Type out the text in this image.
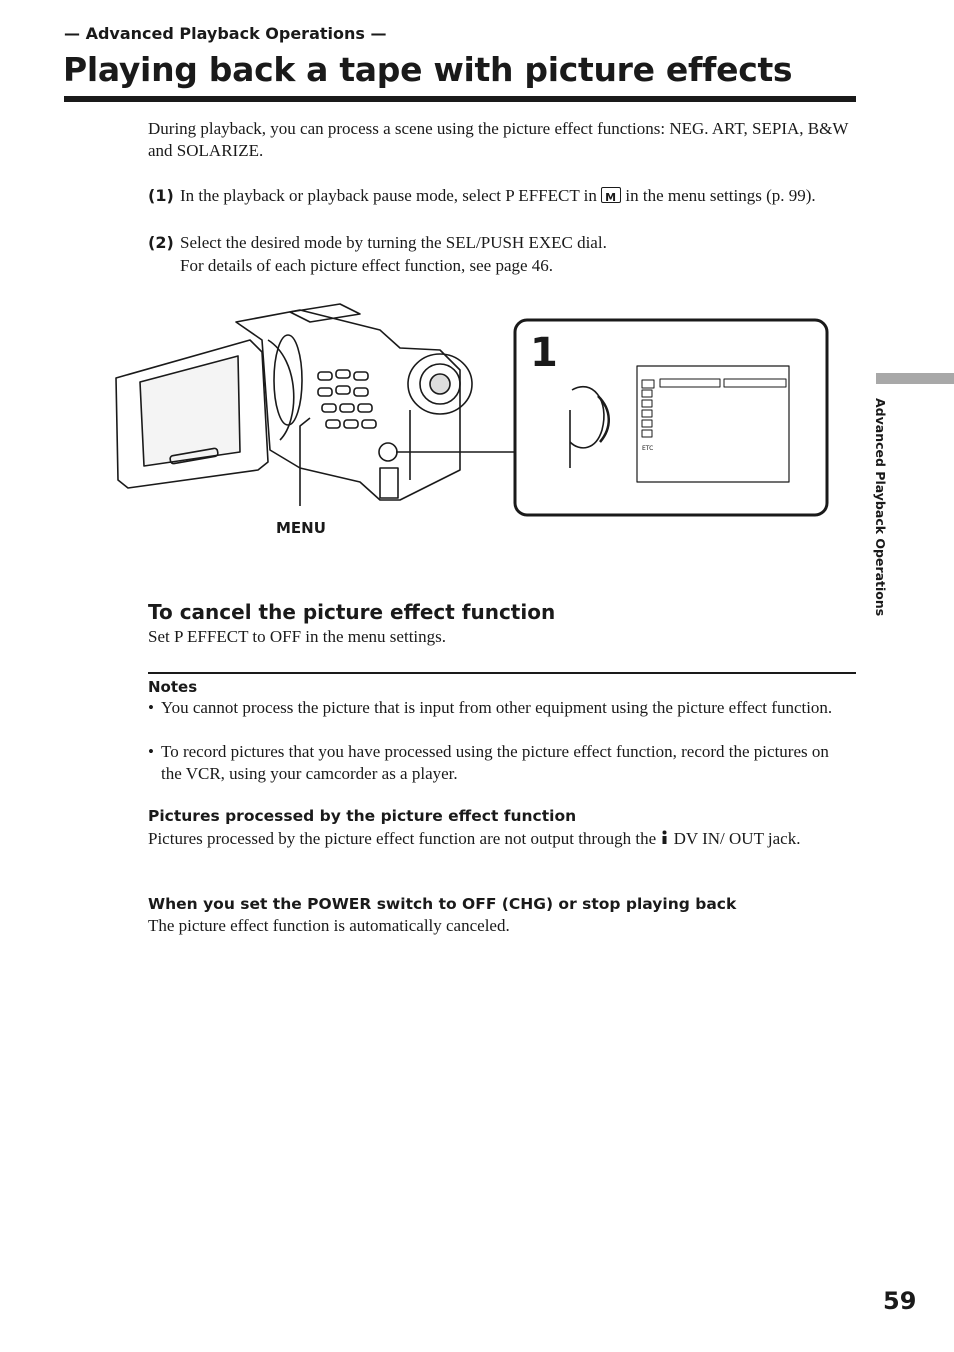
— Advanced Playback Operations —
Playing back a tape with picture effects
During playback, you can process a scene using the picture effect functions: NEG. ART, SEPIA, B&W and SOLARIZE.
(1) In the playback or playback pause mode, select P EFFECT in M in the menu settings (p. 99).
(2) Select the desired mode by turning the SEL/PUSH EXEC dial.
For details of each picture effect function, see page 46.
1
ETC
MENU
To cancel the picture effect function
Set P EFFECT to OFF in the menu settings.
Notes
• You cannot process the picture that is input from other equipment using the picture effect function.
• To record pictures that you have processed using the picture effect function, record the pictures on the VCR, using your camcorder as a player.
Pictures processed by the picture effect function
Pictures processed by the picture effect function are not output through the DV IN/ OUT jack.
When you set the POWER switch to OFF (CHG) or stop playing back
The picture effect function is automatically canceled.
Advanced Playback Operations
59
